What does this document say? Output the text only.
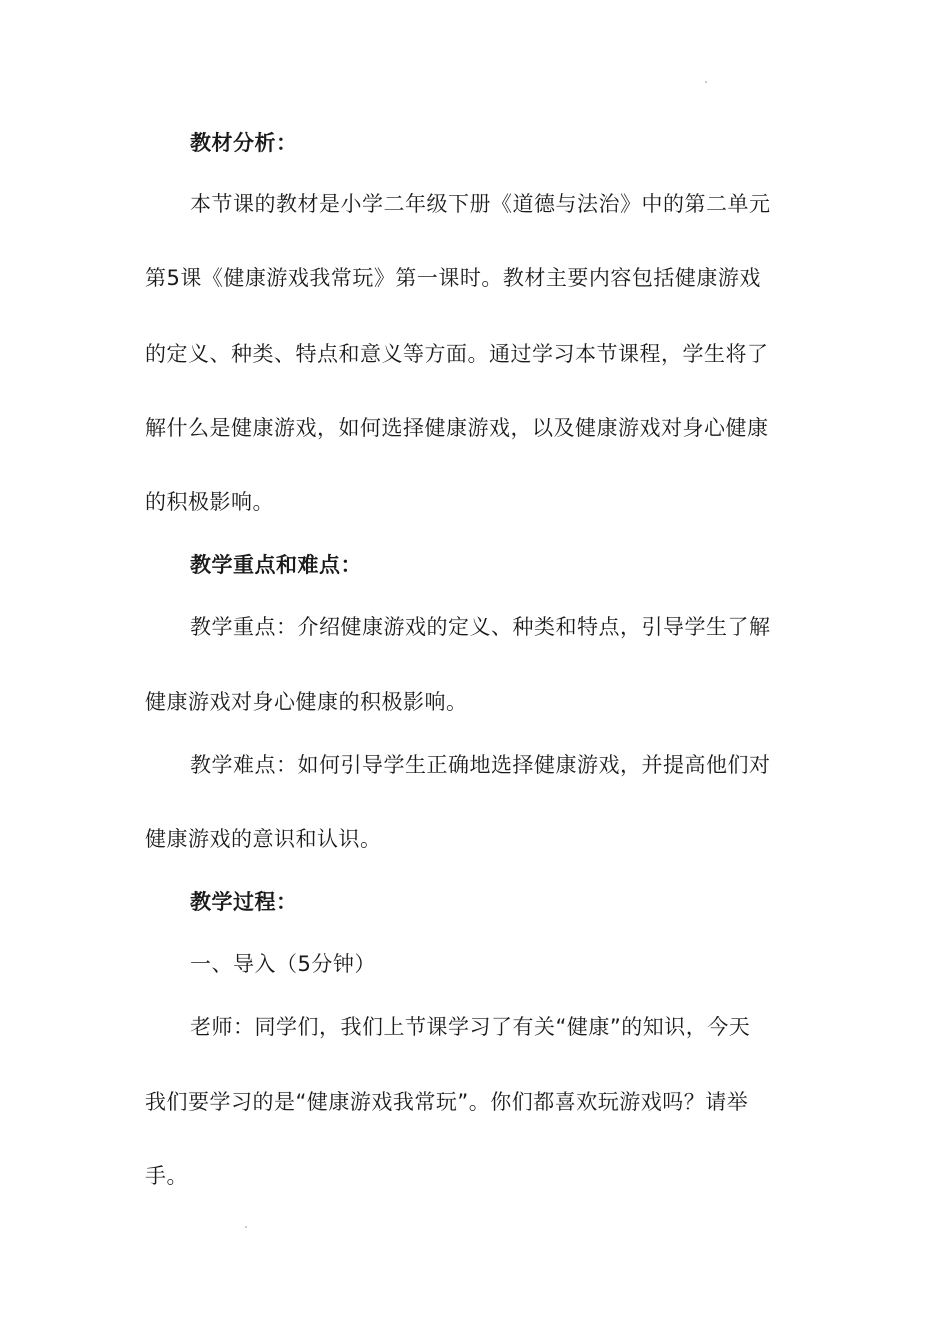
教材分析：
本节课的教材是小学二年级下册《道德与法治》中的第二单元
第5课《健康游戏我常玩》第一课时。教材主要内容包括健康游戏
的定义、种类、特点和意义等方面。通过学习本节课程，学生将了
解什么是健康游戏，如何选择健康游戏，以及健康游戏对身心健康
的积极影响。
教学重点和难点：
教学重点：介绍健康游戏的定义、种类和特点，引导学生了解
健康游戏对身心健康的积极影响。
教学难点：如何引导学生正确地选择健康游戏，并提高他们对
健康游戏的意识和认识。
教学过程：
一、导入（5分钟）
老师：同学们，我们上节课学习了有关“健康”的知识，今天
我们要学习的是“健康游戏我常玩”。你们都喜欢玩游戏吗？请举
手。
